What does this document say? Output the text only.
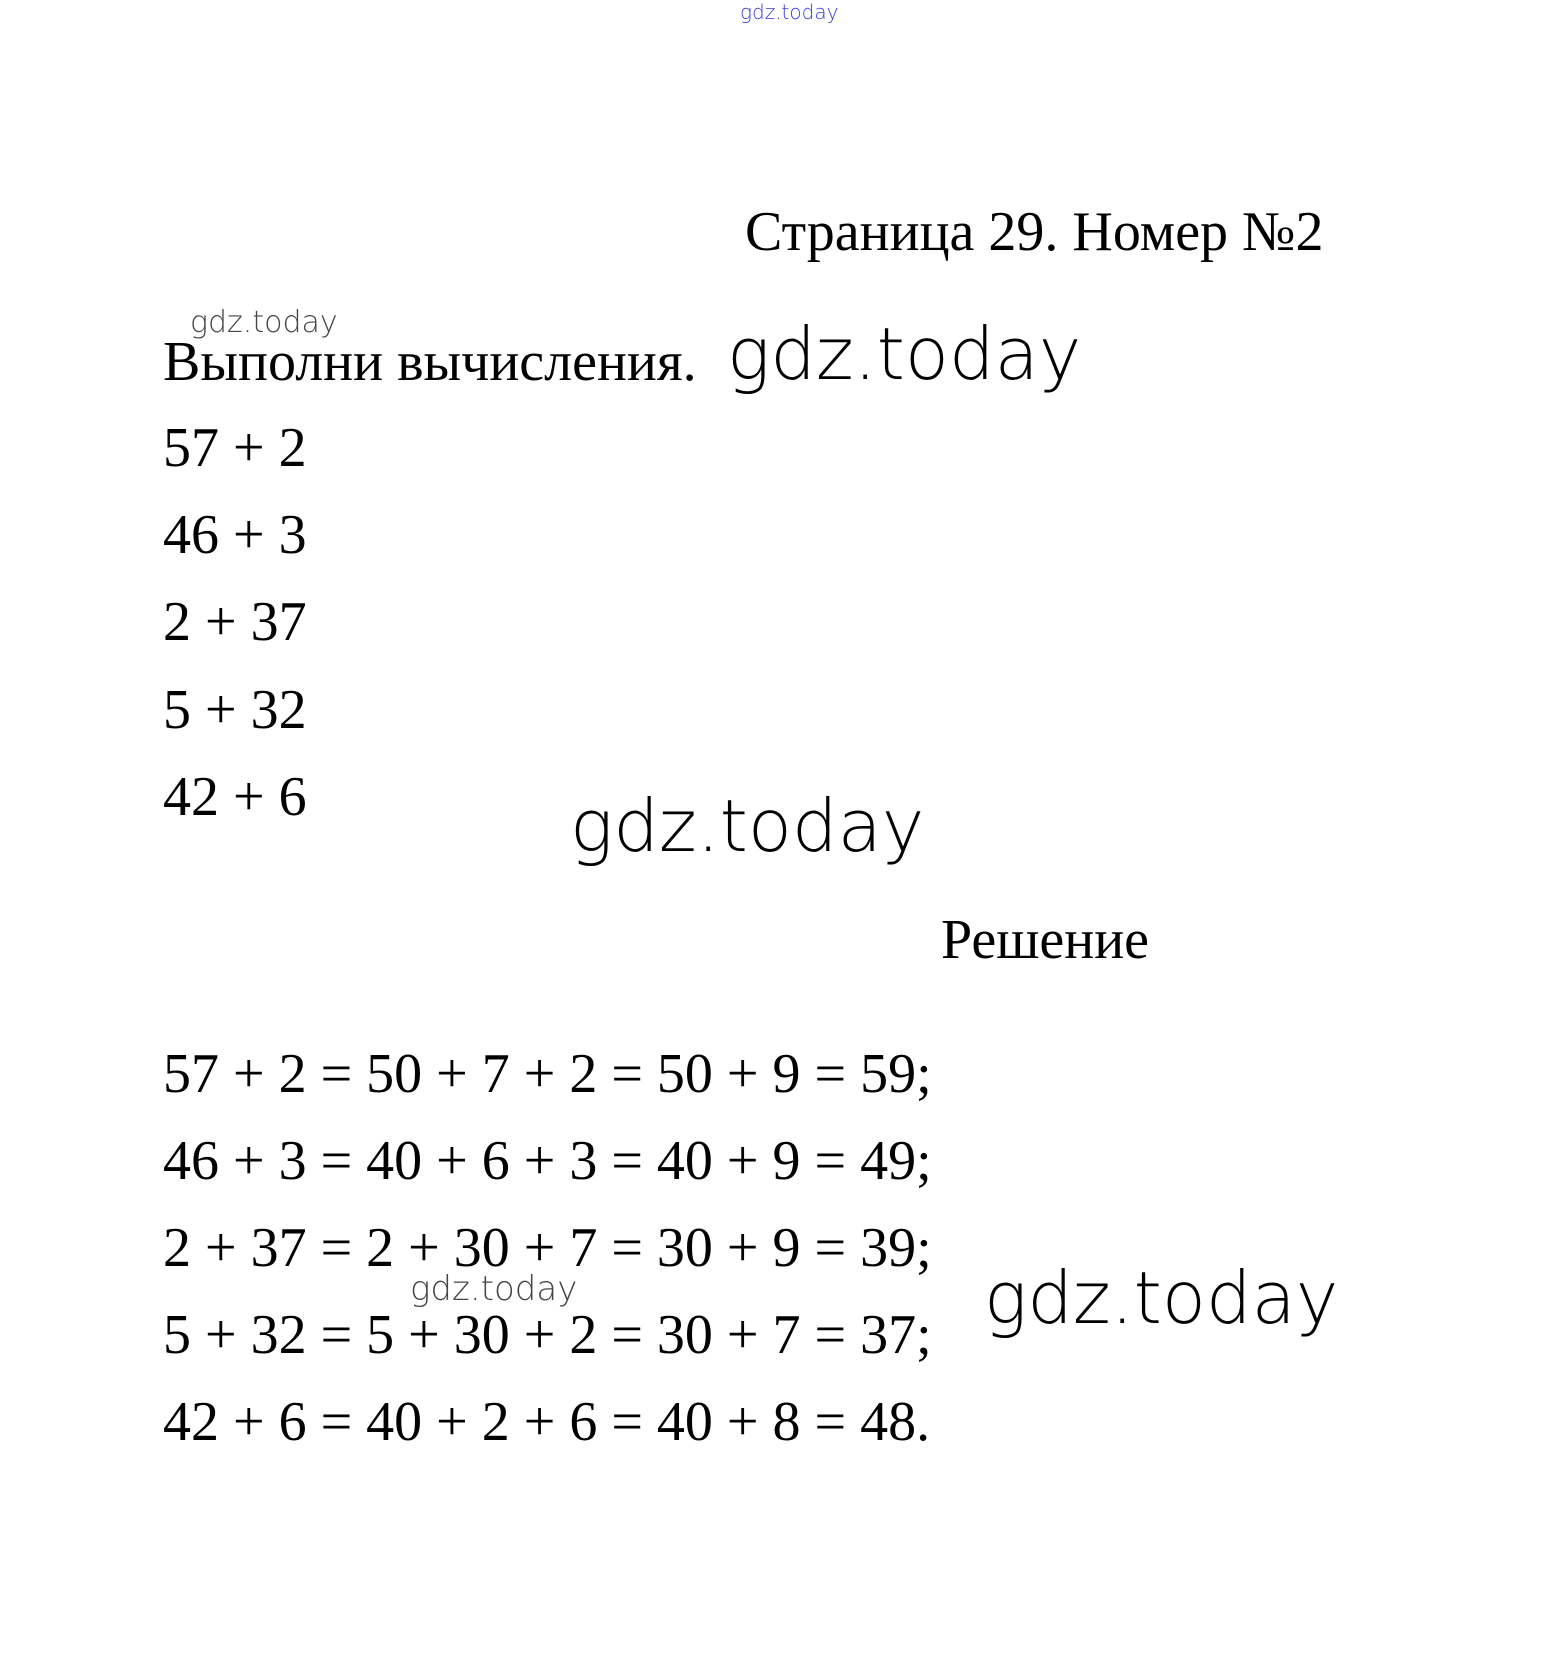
gdz.today
Страница 29. Номер №2
gdz.today
Выполни вычисления. gdz.today
57 + 2
46 + 3
2 + 37
5 + 32
42 + 6	gdz.today
Решение
57 + 2 = 50 + 7 + 2 = 50 + 9 = 59;
46 + 3 = 40 + 6 + 3 = 40 + 9 = 49;
2 + 37 = 2 + 30 + 7 = 30 + 9 = 39;
gdz.today
5 + 32 = 5 + 30 + 2 = 30 + 7 = 37; gdz.today
42 + 6 = 40 + 2 + 6 = 40 + 8 = 48.
